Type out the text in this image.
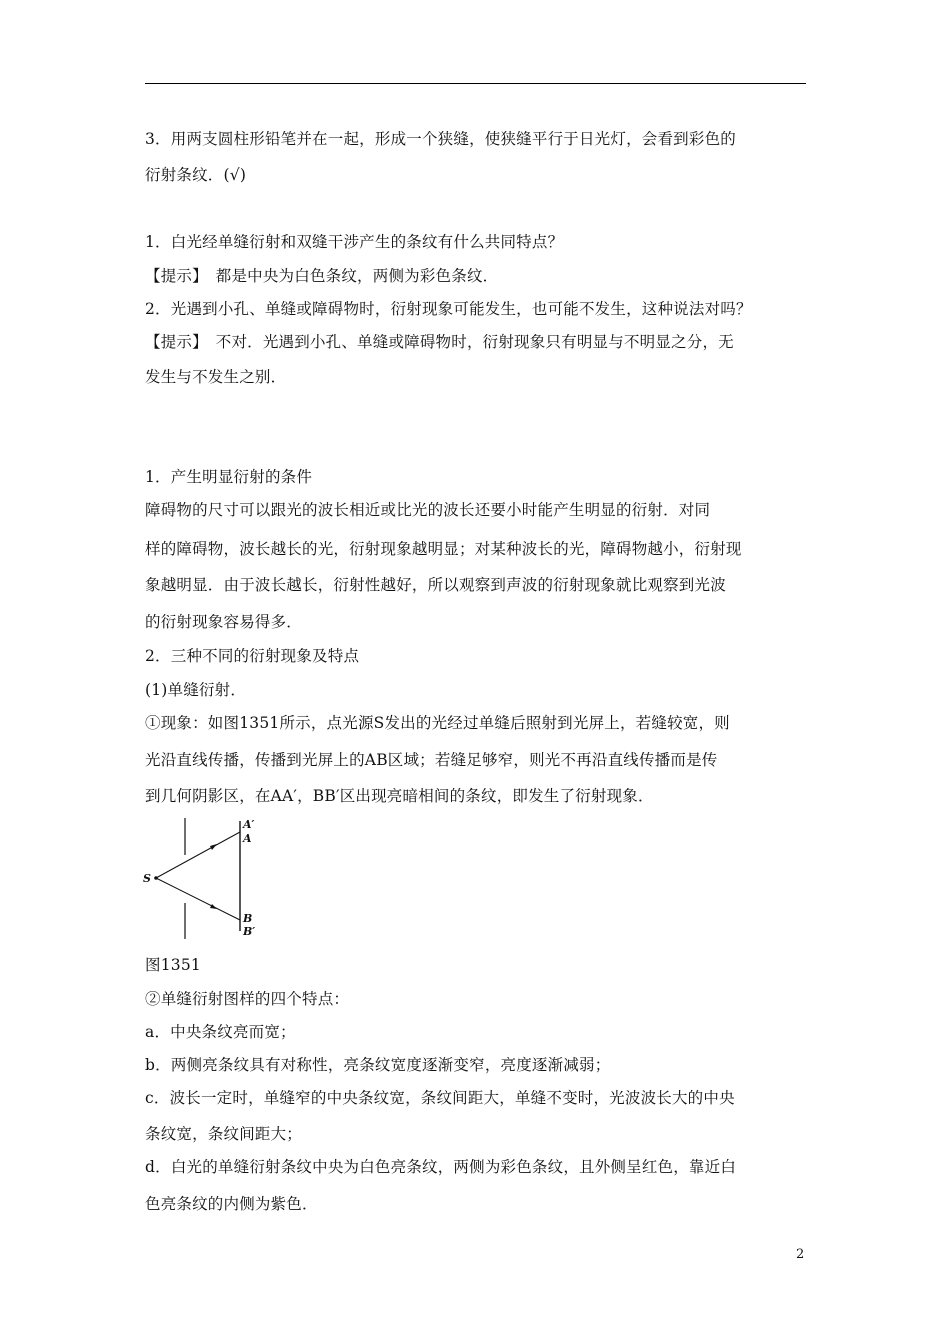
3．用两支圆柱形铅笔并在一起，形成一个狭缝，使狭缝平行于日光灯，会看到彩色的
衍射条纹．(√)
1．白光经单缝衍射和双缝干涉产生的条纹有什么共同特点？
【提示】　都是中央为白色条纹，两侧为彩色条纹．
2．光遇到小孔、单缝或障碍物时，衍射现象可能发生，也可能不发生，这种说法对吗？
【提示】　不对．光遇到小孔、单缝或障碍物时，衍射现象只有明显与不明显之分，无
发生与不发生之别．
1．产生明显衍射的条件
障碍物的尺寸可以跟光的波长相近或比光的波长还要小时能产生明显的衍射．对同
样的障碍物，波长越长的光，衍射现象越明显；对某种波长的光，障碍物越小，衍射现
象越明显．由于波长越长，衍射性越好，所以观察到声波的衍射现象就比观察到光波
的衍射现象容易得多．
2．三种不同的衍射现象及特点
(1)单缝衍射．
①现象：如图1351所示，点光源S发出的光经过单缝后照射到光屏上，若缝较宽，则
光沿直线传播，传播到光屏上的AB区域；若缝足够窄，则光不再沿直线传播而是传
到几何阴影区，在AA′，BB′区出现亮暗相间的条纹，即发生了衍射现象．
A′
A
S
B
B′
图1351
②单缝衍射图样的四个特点：
a．中央条纹亮而宽；
b．两侧亮条纹具有对称性，亮条纹宽度逐渐变窄，亮度逐渐减弱；
c．波长一定时，单缝窄的中央条纹宽，条纹间距大，单缝不变时，光波波长大的中央
条纹宽，条纹间距大；
d．白光的单缝衍射条纹中央为白色亮条纹，两侧为彩色条纹，且外侧呈红色，靠近白
色亮条纹的内侧为紫色．
2
